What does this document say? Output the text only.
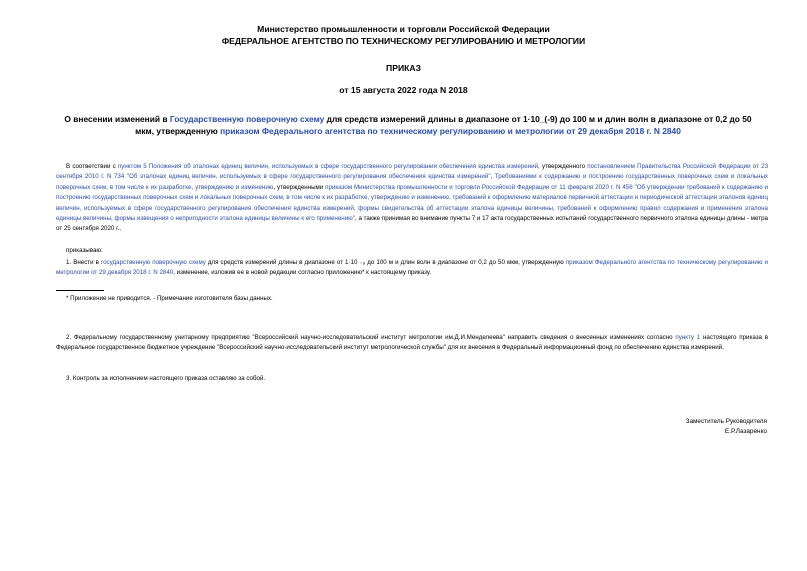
Министерство промышленности и торговли Российской Федерации
ФЕДЕРАЛЬНОЕ АГЕНТСТВО ПО ТЕХНИЧЕСКОМУ РЕГУЛИРОВАНИЮ И МЕТРОЛОГИИ
ПРИКАЗ
от 15 августа 2022 года N 2018
О внесении изменений в Государственную поверочную схему для средств измерений длины в диапазоне от 1·10_(-9) до 100 м и длин волн в диапазоне от 0,2 до 50 мкм, утвержденную приказом Федерального агентства по техническому регулированию и метрологии от 29 декабря 2018 г. N 2840
В соответствии с пунктом 5 Положения об эталонах единиц величин, используемых в сфере государственного регулирования обеспечения единства измерений, утвержденного постановлением Правительства Российской Федерации от 23 сентября 2010 г. N 734 "Об эталонах единиц величин, используемых в сфере государственного регулирования обеспечения единства измерений", Требованиями к содержанию и построению государственных поверочных схем и локальных поверочных схем, в том числе к их разработке, утверждению и изменению, утвержденными приказом Министерства промышленности и торговли Российской Федерации от 11 февраля 2020 г. N 456 "Об утверждении требований к содержанию и построению государственных поверочных схем и локальных поверочных схем, в том числе к их разработке, утверждению и изменению, требований к оформлению материалов первичной аттестации и периодической аттестации эталонов единиц величин, используемых в сфере государственного регулирования обеспечения единства измерений, формы свидетельства об аттестации эталона единицы величины, требований к оформлению правил содержания и применения эталона единицы величины, формы извещения о непригодности эталона единицы величины к его применению", а также принимая во внимание пункты 7 и 17 акта государственных испытаний государственного первичного эталона единицы длины - метра от 25 сентября 2020 г.,
приказываю:
1. Внести в государственную поверочную схему для средств измерений длины в диапазоне от 1·10 ₋₉ до 100 м и длин волн в диапазоне от 0,2 до 50 мкм, утвержденную приказом Федерального агентства по техническому регулированию и метрологии от 29 декабря 2018 г. N 2840, изменение, изложив ее в новой редакции согласно приложению* к настоящему приказу.
* Приложение не приводится. - Примечание изготовителя базы данных.
2. Федеральному государственному унитарному предприятию "Всероссийский научно-исследовательский институт метрологии им.Д.И.Менделеева" направить сведения о внесенных изменениях согласно пункту 1 настоящего приказа в Федеральное государственное бюджетное учреждение "Всероссийский научно-исследовательский институт метрологической службы" для их внесения в Федеральный информационный фонд по обеспечению единства измерений.
3. Контроль за исполнением настоящего приказа оставляю за собой.
Заместитель Руководителя
Е.Р.Лазаренко
